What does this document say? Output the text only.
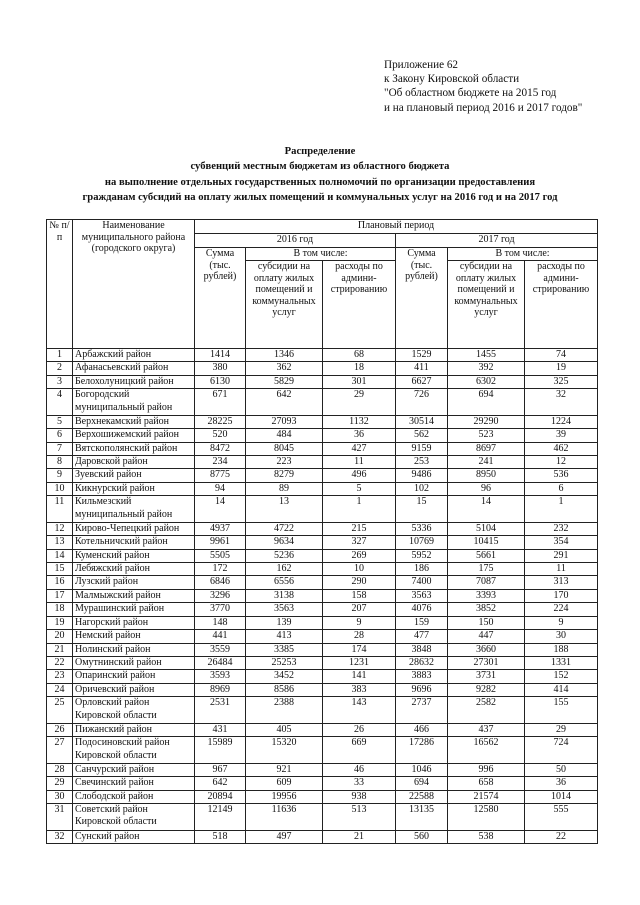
Приложение 62
к Закону Кировской области
"Об областном бюджете на 2015 год
и на плановый период 2016 и 2017 годов"
Распределение
субвенций местным бюджетам из областного бюджета
на выполнение отдельных государственных полномочий по организации предоставления
гражданам субсидий на оплату жилых помещений и коммунальных услуг на 2016 год и на 2017 год
№ п/п	Наименование муниципального района (городского округа)	Плановый период					
		2016 год			2017 год		
		Сумма (тыс. рублей)	В том числе:		Сумма (тыс. рублей)	В том числе:	
			субсидии на оплату жилых помещений и коммунальных услуг	расходы по админи-стрированию		субсидии на оплату жилых помещений и коммунальных услуг	расходы по админи-стрированию
1	Арбажский район	1414	1346	68	1529	1455	74
2	Афанасьевский район	380	362	18	411	392	19
3	Белохолуницкий район	6130	5829	301	6627	6302	325
4	Богородский муниципальный район	671	642	29	726	694	32
5	Верхнекамский район	28225	27093	1132	30514	29290	1224
6	Верхошижемский район	520	484	36	562	523	39
7	Вятскополянский район	8472	8045	427	9159	8697	462
8	Даровской район	234	223	11	253	241	12
9	Зуевский район	8775	8279	496	9486	8950	536
10	Кикнурский район	94	89	5	102	96	6
11	Кильмезский муниципальный район	14	13	1	15	14	1
12	Кирово-Чепецкий район	4937	4722	215	5336	5104	232
13	Котельничский район	9961	9634	327	10769	10415	354
14	Куменский район	5505	5236	269	5952	5661	291
15	Лебяжский район	172	162	10	186	175	11
16	Лузский район	6846	6556	290	7400	7087	313
17	Малмыжский район	3296	3138	158	3563	3393	170
18	Мурашинский район	3770	3563	207	4076	3852	224
19	Нагорский район	148	139	9	159	150	9
20	Немский район	441	413	28	477	447	30
21	Нолинский район	3559	3385	174	3848	3660	188
22	Омутнинский район	26484	25253	1231	28632	27301	1331
23	Опаринский район	3593	3452	141	3883	3731	152
24	Оричевский район	8969	8586	383	9696	9282	414
25	Орловский район Кировской области	2531	2388	143	2737	2582	155
26	Пижанский район	431	405	26	466	437	29
27	Подосиновский район Кировской области	15989	15320	669	17286	16562	724
28	Санчурский район	967	921	46	1046	996	50
29	Свечинский район	642	609	33	694	658	36
30	Слободской район	20894	19956	938	22588	21574	1014
31	Советский район Кировской области	12149	11636	513	13135	12580	555
32	Сунский район	518	497	21	560	538	22
